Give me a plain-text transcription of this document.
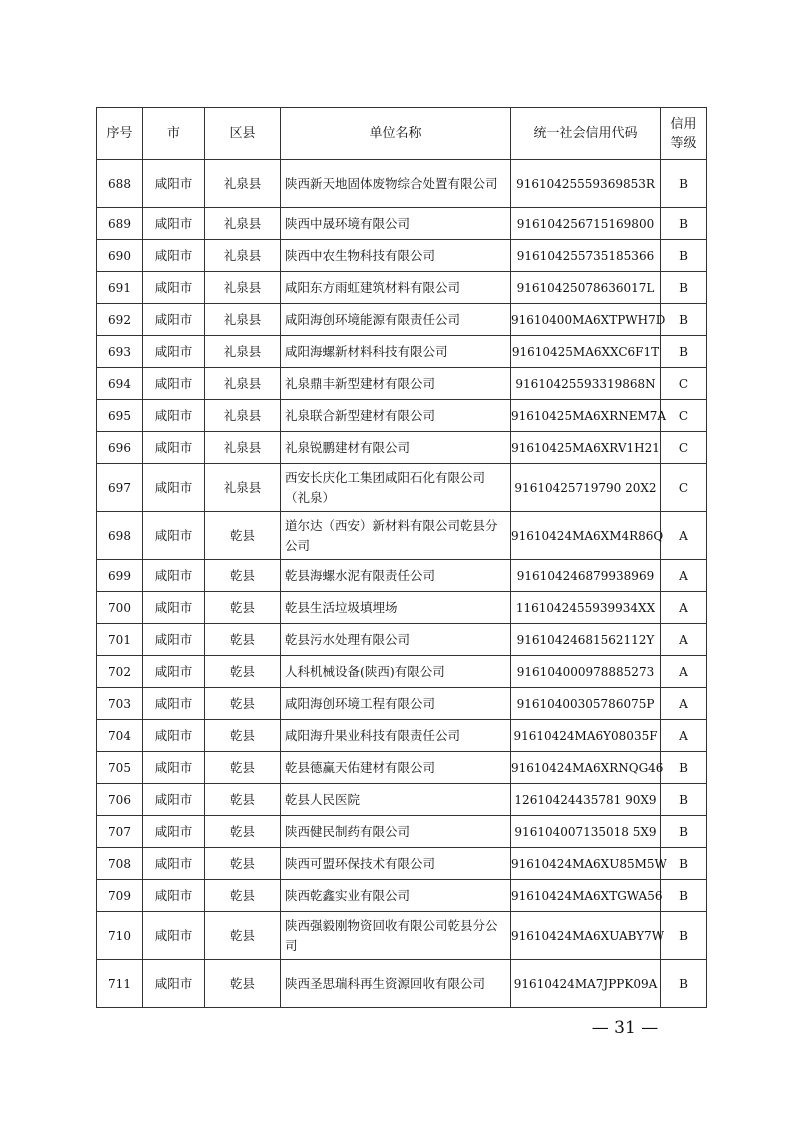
序号	市	区县	单位名称	统一社会信用代码	信用
等级
688	咸阳市	礼泉县	陕西新天地固体废物综合处置有限公司	91610425559369853R	B
689	咸阳市	礼泉县	陕西中晟环境有限公司	916104256715169800	B
690	咸阳市	礼泉县	陕西中农生物科技有限公司	916104255735185366	B
691	咸阳市	礼泉县	咸阳东方雨虹建筑材料有限公司	91610425078636017L	B
692	咸阳市	礼泉县	咸阳海创环境能源有限责任公司	91610400MA6XTPWH7D	B
693	咸阳市	礼泉县	咸阳海螺新材料科技有限公司	91610425MA6XXC6F1T	B
694	咸阳市	礼泉县	礼泉鼎丰新型建材有限公司	91610425593319868N	C
695	咸阳市	礼泉县	礼泉联合新型建材有限公司	91610425MA6XRNEM7A	C
696	咸阳市	礼泉县	礼泉锐鹏建材有限公司	91610425MA6XRV1H21	C
697	咸阳市	礼泉县	西安长庆化工集团咸阳石化有限公司（礼泉）	91610425719790 20X2	C
698	咸阳市	乾县	道尔达（西安）新材料有限公司乾县分公司	91610424MA6XM4R86Q	A
699	咸阳市	乾县	乾县海螺水泥有限责任公司	916104246879938969	A
700	咸阳市	乾县	乾县生活垃圾填埋场	1161042455939934XX	A
701	咸阳市	乾县	乾县污水处理有限公司	91610424681562112Y	A
702	咸阳市	乾县	人科机械设备(陕西)有限公司	916104000978885273	A
703	咸阳市	乾县	咸阳海创环境工程有限公司	91610400305786075P	A
704	咸阳市	乾县	咸阳海升果业科技有限责任公司	91610424MA6Y08035F	A
705	咸阳市	乾县	乾县德赢天佑建材有限公司	91610424MA6XRNQG46	B
706	咸阳市	乾县	乾县人民医院	12610424435781 90X9	B
707	咸阳市	乾县	陕西健民制药有限公司	916104007135018 5X9	B
708	咸阳市	乾县	陕西可盟环保技术有限公司	91610424MA6XU85M5W	B
709	咸阳市	乾县	陕西乾鑫实业有限公司	91610424MA6XTGWA56	B
710	咸阳市	乾县	陕西强毅刚物资回收有限公司乾县分公司	91610424MA6XUABY7W	B
711	咸阳市	乾县	陕西圣思瑞科再生资源回收有限公司	91610424MA7JPPK09A	B
— 31 —
